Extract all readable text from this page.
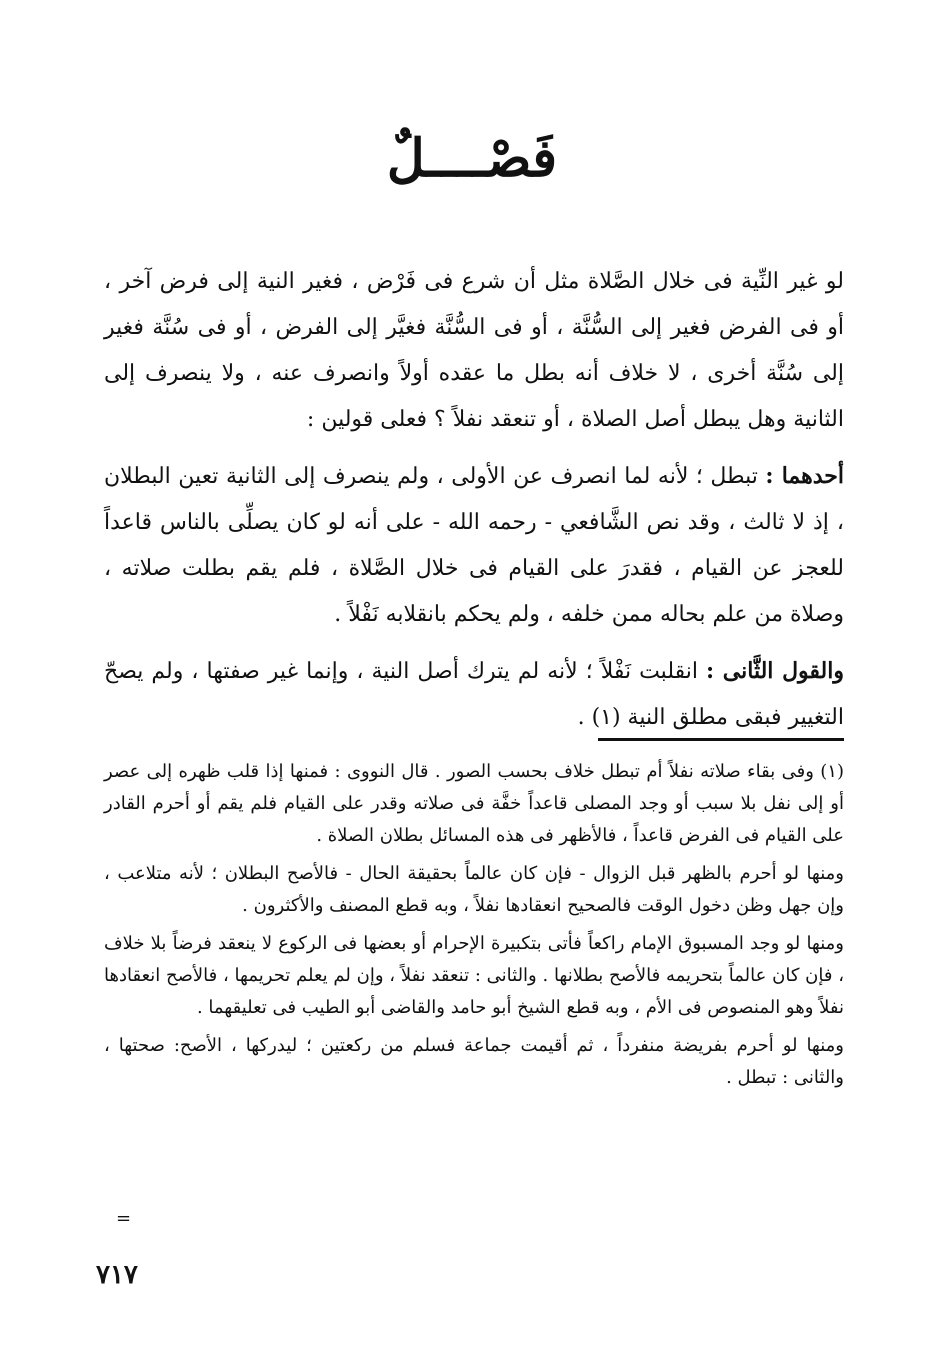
فَصْــــلٌ

لو غير النِّية فى خلال الصَّلاة مثل أن شرع فى فَرْض ، فغير النية إلى فرض آخر ، أو فى الفرض فغير إلى السُّنَّة ، أو فى السُّنَّة فغيَّر إلى الفرض ، أو فى سُنَّة فغير إلى سُنَّة أخرى ، لا خلاف أنه بطل ما عقده أولاً وانصرف عنه ، ولا ينصرف إلى الثانية وهل يبطل أصل الصلاة ، أو تنعقد نفلاً ؟ فعلى قولين :

أحدهما : تبطل ؛ لأنه لما انصرف عن الأولى ، ولم ينصرف إلى الثانية تعين البطلان ، إذ لا ثالث ، وقد نص الشَّافعي - رحمه الله - على أنه لو كان يصلِّى بالناس قاعداً للعجز عن القيام ، فقدرَ على القيام فى خلال الصَّلاة ، فلم يقم بطلت صلاته ، وصلاة من علم بحاله ممن خلفه ، ولم يحكم بانقلابه نَفْلاً .

والقول الثَّانى : انقلبت نَفْلاً ؛ لأنه لم يترك أصل النية ، وإنما غير صفتها ، ولم يصحّ التغيير فبقى مطلق النية (١) .

(١) وفى بقاء صلاته نفلاً أم تبطل خلاف بحسب الصور . قال النووى : فمنها إذا قلب ظهره إلى عصر أو إلى نفل بلا سبب أو وجد المصلى قاعداً خفَّة فى صلاته وقدر على القيام فلم يقم أو أحرم القادر على القيام فى الفرض قاعداً ، فالأظهر فى هذه المسائل بطلان الصلاة .

ومنها لو أحرم بالظهر قبل الزوال - فإن كان عالماً بحقيقة الحال - فالأصح البطلان ؛ لأنه متلاعب ، وإن جهل وظن دخول الوقت فالصحيح انعقادها نفلاً ، وبه قطع المصنف والأكثرون .

ومنها لو وجد المسبوق الإمام راكعاً فأتى بتكبيرة الإحرام أو بعضها فى الركوع لا ينعقد فرضاً بلا خلاف ، فإن كان عالماً بتحريمه فالأصح بطلانها . والثانى : تنعقد نفلاً ، وإن لم يعلم تحريمها ، فالأصح انعقادها نفلاً وهو المنصوص فى الأم ، وبه قطع الشيخ أبو حامد والقاضى أبو الطيب فى تعليقهما .

ومنها لو أحرم بفريضة منفرداً ، ثم أقيمت جماعة فسلم من ركعتين ؛ ليدركها ، الأصح: صحتها ، والثانى : تبطل .

=
٧١٧
